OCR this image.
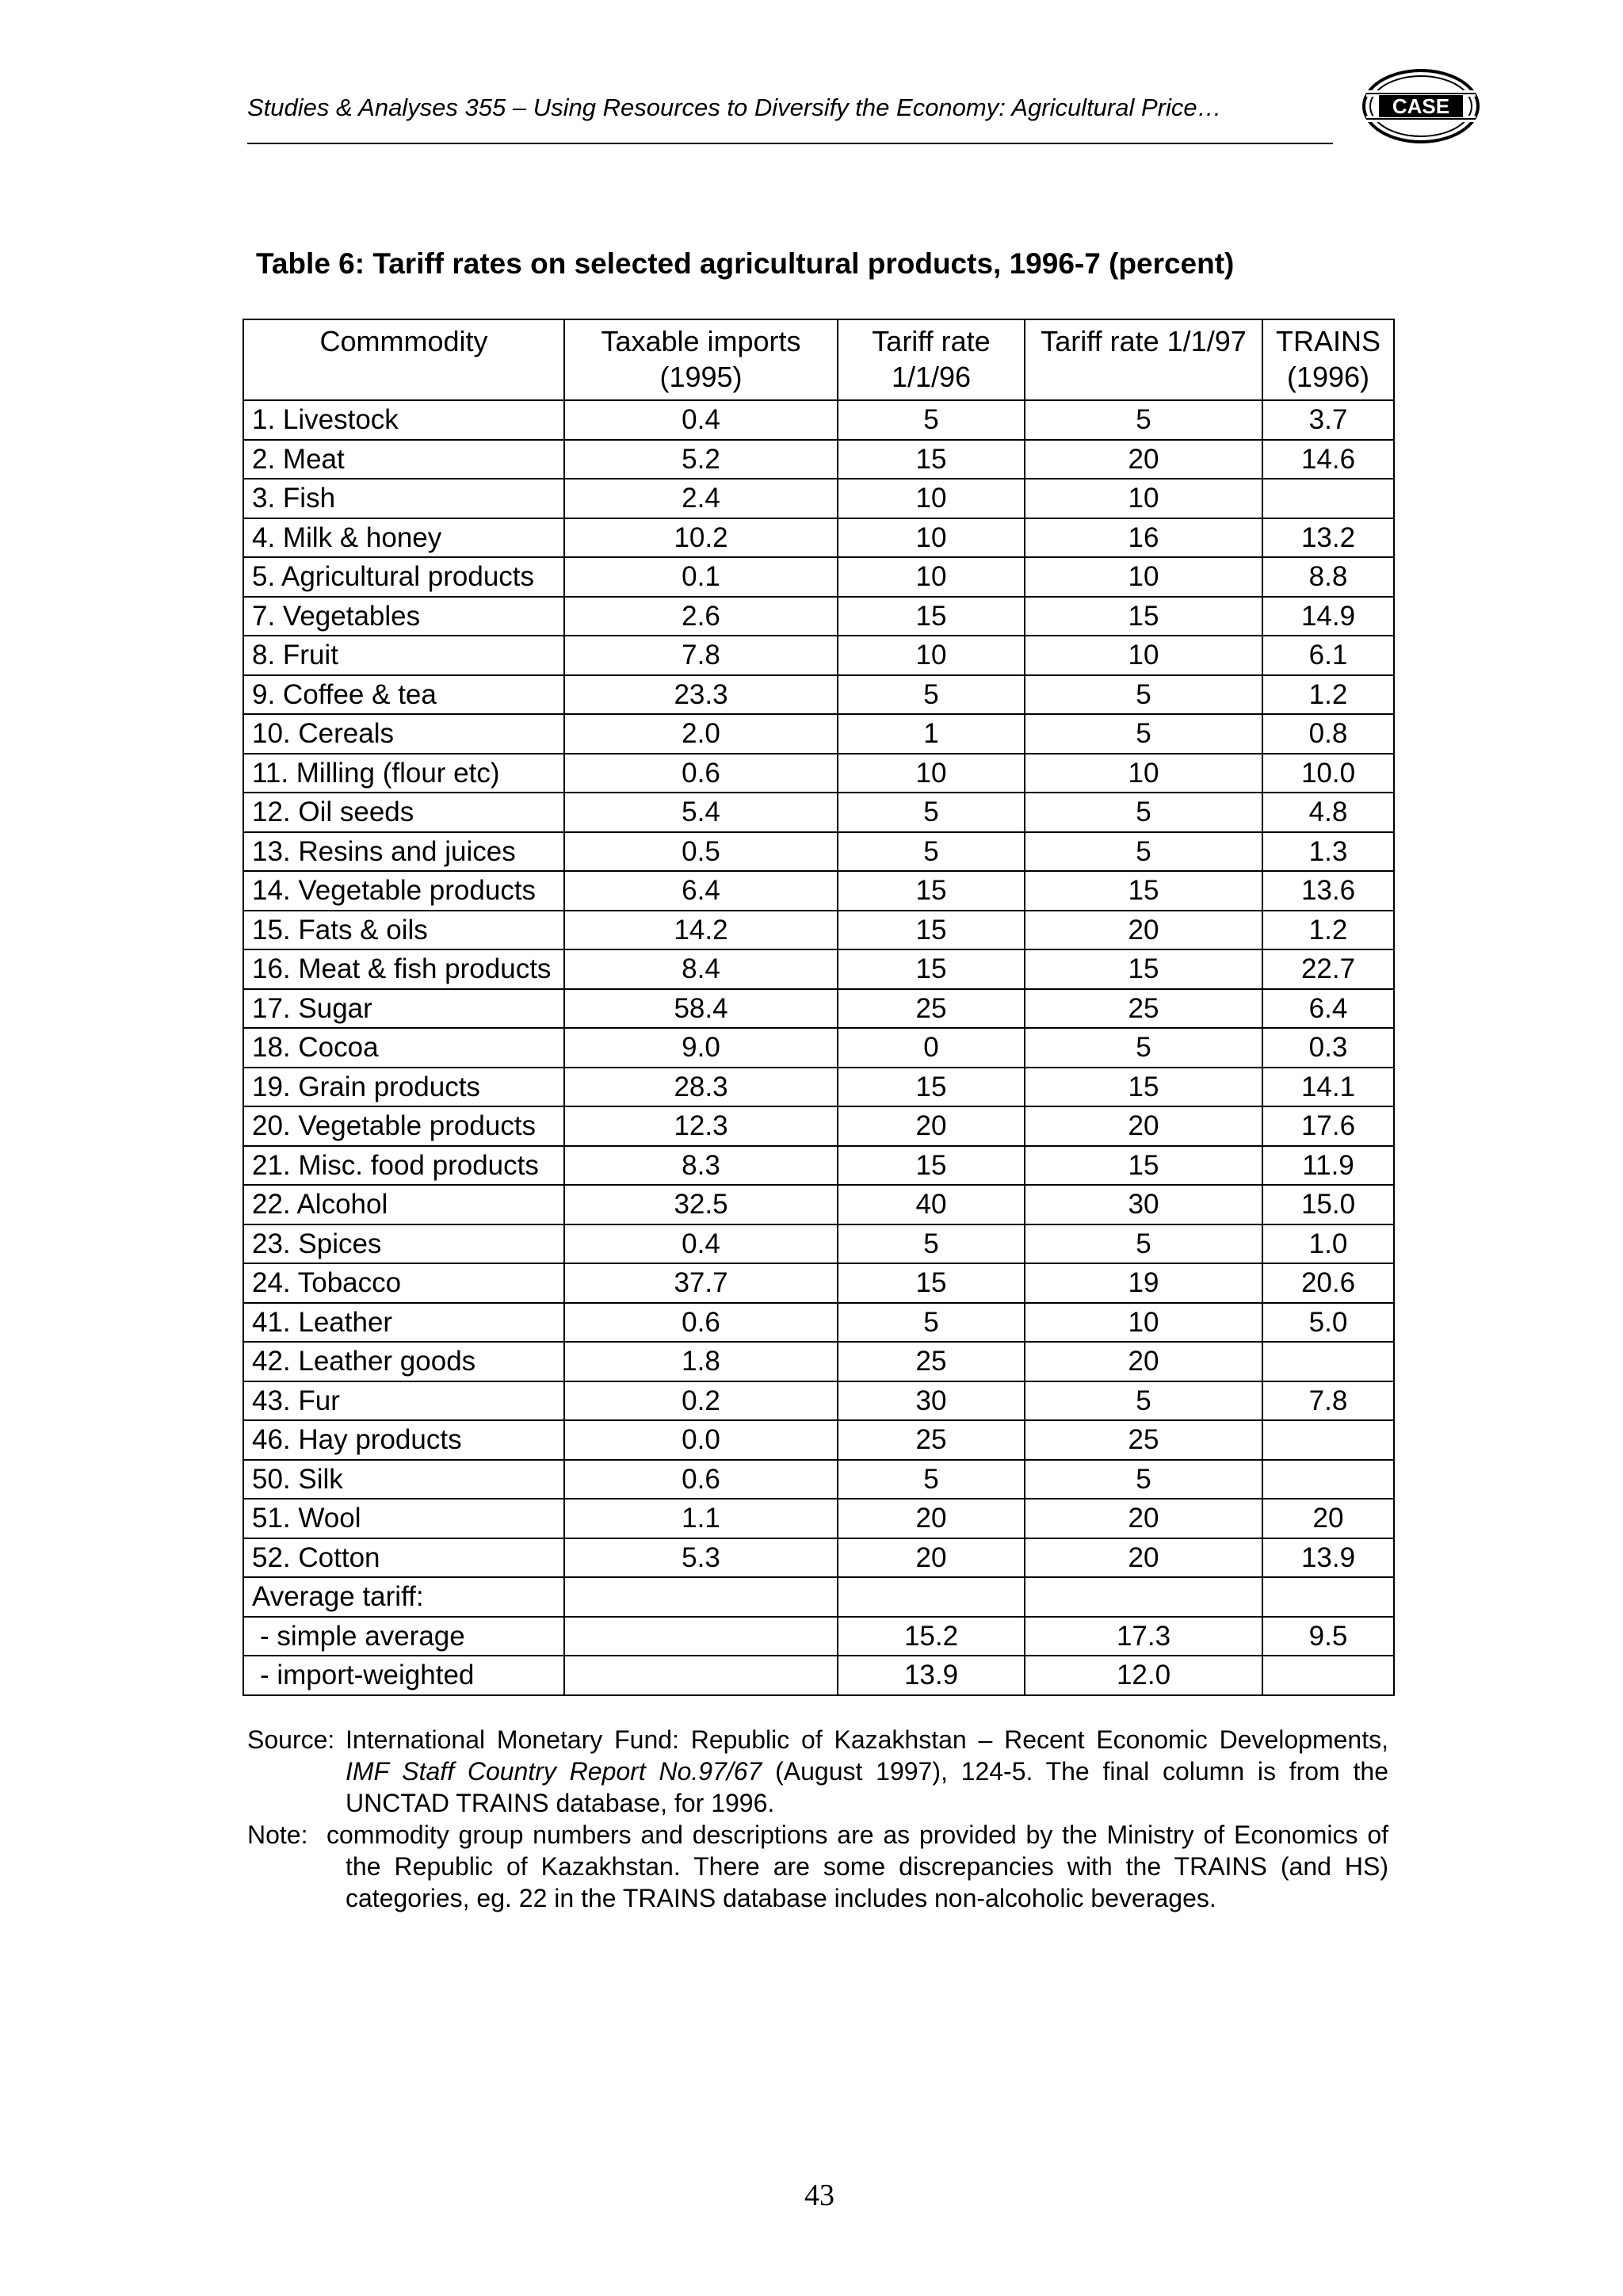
Studies & Analyses 355 – Using Resources to Diversify the Economy: Agricultural Price…	CASE
Table 6: Tariff rates on selected agricultural products, 1996-7 (percent)
Commmodity	Taxable imports (1995)	Tariff rate 1/1/96	Tariff rate 1/1/97	TRAINS (1996)
1. Livestock	0.4	5	5	3.7
2. Meat	5.2	15	20	14.6
3. Fish	2.4	10	10	
4. Milk & honey	10.2	10	16	13.2
5. Agricultural products	0.1	10	10	8.8
7. Vegetables	2.6	15	15	14.9
8. Fruit	7.8	10	10	6.1
9. Coffee & tea	23.3	5	5	1.2
10. Cereals	2.0	1	5	0.8
11. Milling (flour etc)	0.6	10	10	10.0
12. Oil seeds	5.4	5	5	4.8
13. Resins and juices	0.5	5	5	1.3
14. Vegetable products	6.4	15	15	13.6
15. Fats & oils	14.2	15	20	1.2
16. Meat & fish products	8.4	15	15	22.7
17. Sugar	58.4	25	25	6.4
18. Cocoa	9.0	0	5	0.3
19. Grain products	28.3	15	15	14.1
20. Vegetable products	12.3	20	20	17.6
21. Misc. food products	8.3	15	15	11.9
22. Alcohol	32.5	40	30	15.0
23. Spices	0.4	5	5	1.0
24. Tobacco	37.7	15	19	20.6
41. Leather	0.6	5	10	5.0
42. Leather goods	1.8	25	20	
43. Fur	0.2	30	5	7.8
46. Hay products	0.0	25	25	
50. Silk	0.6	5	5	
51. Wool	1.1	20	20	20
52. Cotton	5.3	20	20	13.9
Average tariff:				
- simple average		15.2	17.3	9.5
- import-weighted		13.9	12.0	
Source: International Monetary Fund: Republic of Kazakhstan – Recent Economic Developments, IMF Staff Country Report No.97/67 (August 1997), 124-5. The final column is from the UNCTAD TRAINS database, for 1996.
Note: commodity group numbers and descriptions are as provided by the Ministry of Economics of the Republic of Kazakhstan. There are some discrepancies with the TRAINS (and HS) categories, eg. 22 in the TRAINS database includes non-alcoholic beverages.
43
